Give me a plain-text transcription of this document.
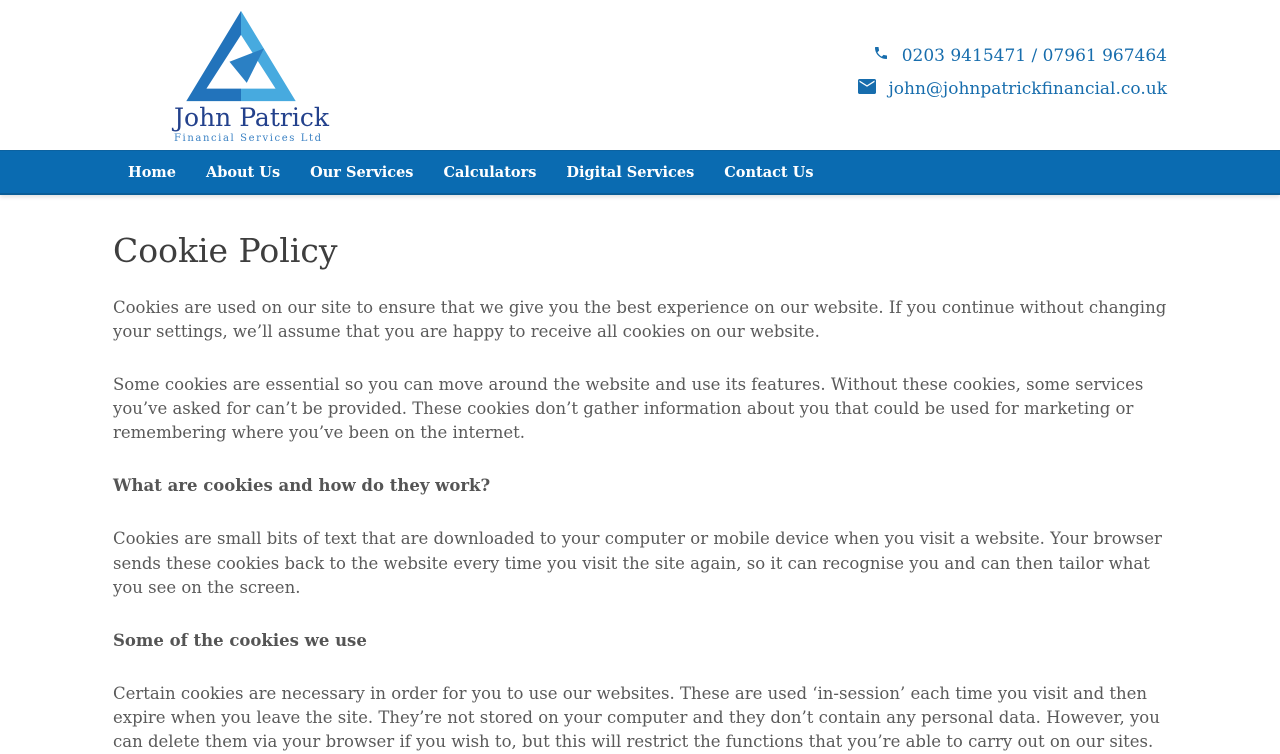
John Patrick
Financial Services Ltd
0203 9415471 / 07961 967464
john@johnpatrickfinancial.co.uk
Home	About Us	Our Services	Calculators	Digital Services	Contact Us
Cookie Policy

Cookies are used on our site to ensure that we give you the best experience on our website. If you continue without changing your settings, we’ll assume that you are happy to receive all cookies on our website.

Some cookies are essential so you can move around the website and use its features. Without these cookies, some services you’ve asked for can’t be provided. These cookies don’t gather information about you that could be used for marketing or remembering where you’ve been on the internet.

What are cookies and how do they work?

Cookies are small bits of text that are downloaded to your computer or mobile device when you visit a website. Your browser sends these cookies back to the website every time you visit the site again, so it can recognise you and can then tailor what you see on the screen.

Some of the cookies we use

Certain cookies are necessary in order for you to use our websites. These are used ‘in-session’ each time you visit and then expire when you leave the site. They’re not stored on your computer and they don’t contain any personal data. However, you can delete them via your browser if you wish to, but this will restrict the functions that you’re able to carry out on our sites.
